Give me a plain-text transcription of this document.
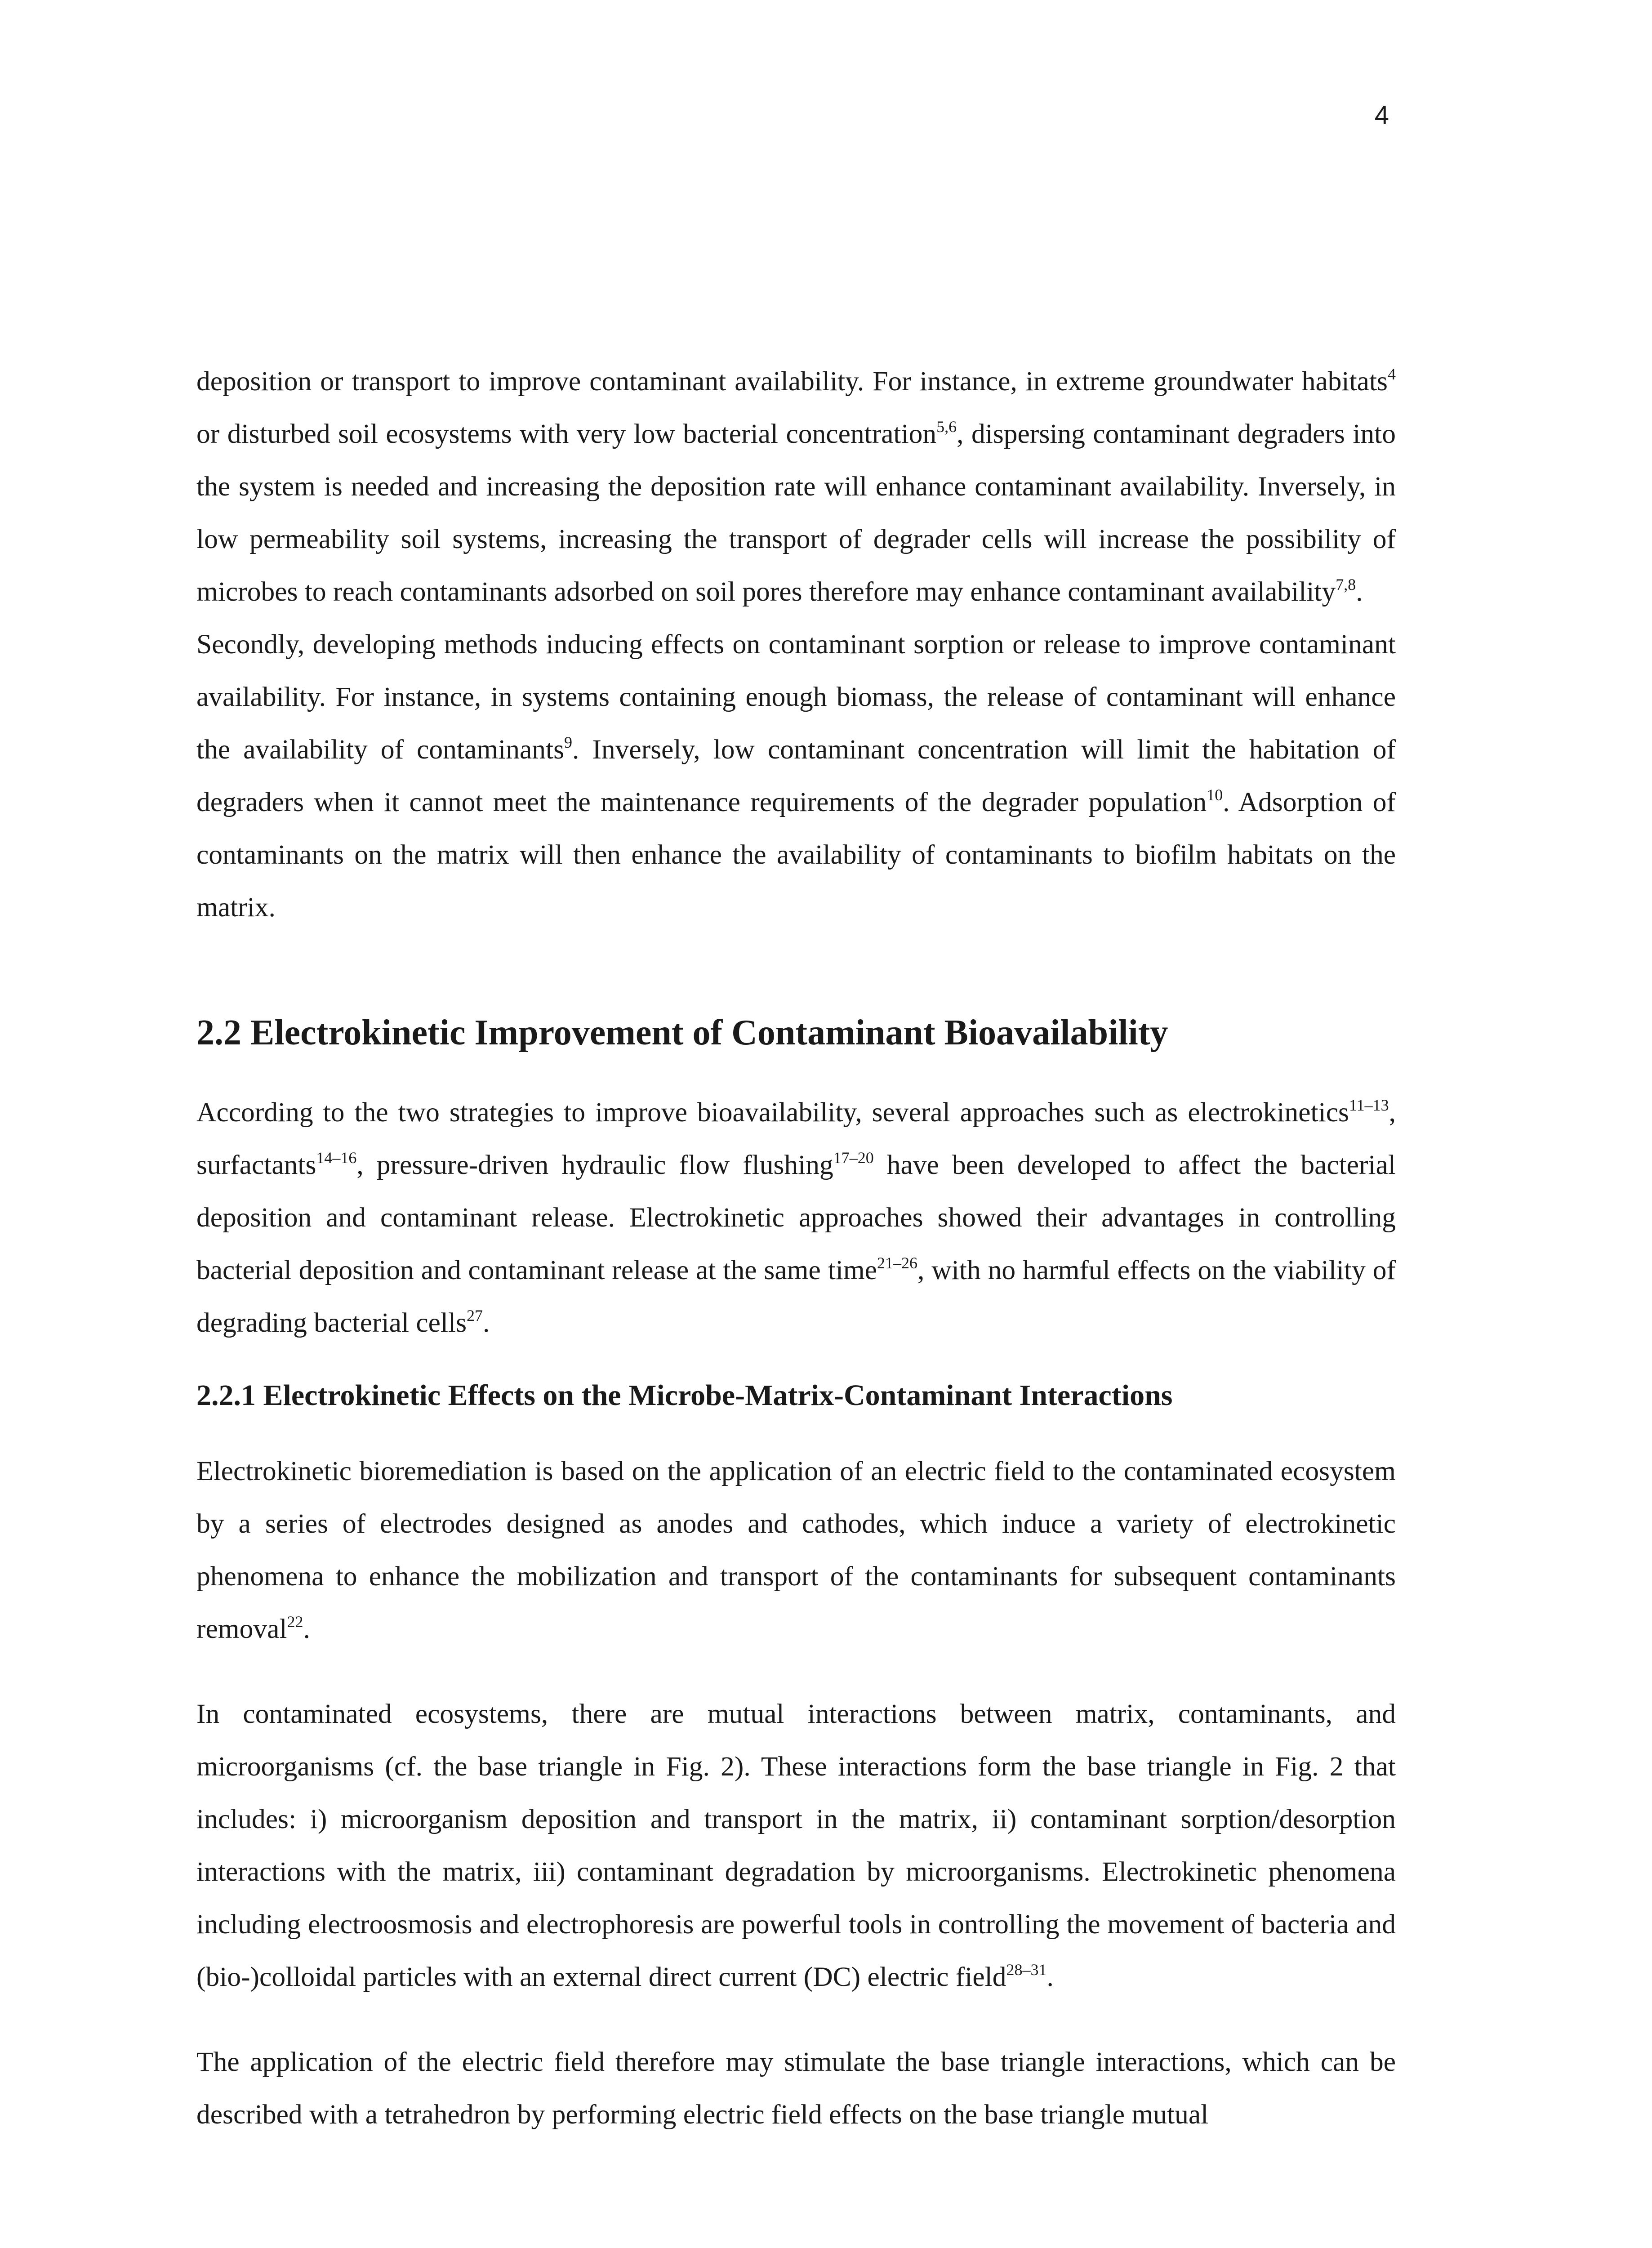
4

deposition or transport to improve contaminant availability. For instance, in extreme groundwater habitats$^4$ or disturbed soil ecosystems with very low bacterial concentration$^{5,6}$, dispersing contaminant degraders into the system is needed and increasing the deposition rate will enhance contaminant availability. Inversely, in low permeability soil systems, increasing the transport of degrader cells will increase the possibility of microbes to reach contaminants adsorbed on soil pores therefore may enhance contaminant availability$^{7,8}$.

Secondly, developing methods inducing effects on contaminant sorption or release to improve contaminant availability. For instance, in systems containing enough biomass, the release of contaminant will enhance the availability of contaminants$^9$. Inversely, low contaminant concentration will limit the habitation of degraders when it cannot meet the maintenance requirements of the degrader population$^{10}$. Adsorption of contaminants on the matrix will then enhance the availability of contaminants to biofilm habitats on the matrix.

2.2 Electrokinetic Improvement of Contaminant Bioavailability

According to the two strategies to improve bioavailability, several approaches such as electrokinetics$^{11-13}$, surfactants$^{14-16}$, pressure-driven hydraulic flow flushing$^{17-20}$ have been developed to affect the bacterial deposition and contaminant release. Electrokinetic approaches showed their advantages in controlling bacterial deposition and contaminant release at the same time$^{21-26}$, with no harmful effects on the viability of degrading bacterial cells$^{27}$.

2.2.1 Electrokinetic Effects on the Microbe-Matrix-Contaminant Interactions

Electrokinetic bioremediation is based on the application of an electric field to the contaminated ecosystem by a series of electrodes designed as anodes and cathodes, which induce a variety of electrokinetic phenomena to enhance the mobilization and transport of the contaminants for subsequent contaminants removal$^{22}$.

In contaminated ecosystems, there are mutual interactions between matrix, contaminants, and microorganisms (cf. the base triangle in Fig. 2). These interactions form the base triangle in Fig. 2 that includes: i) microorganism deposition and transport in the matrix, ii) contaminant sorption/desorption interactions with the matrix, iii) contaminant degradation by microorganisms. Electrokinetic phenomena including electroosmosis and electrophoresis are powerful tools in controlling the movement of bacteria and (bio-)colloidal particles with an external direct current (DC) electric field$^{28-31}$.

The application of the electric field therefore may stimulate the base triangle interactions, which can be described with a tetrahedron by performing electric field effects on the base triangle mutual
